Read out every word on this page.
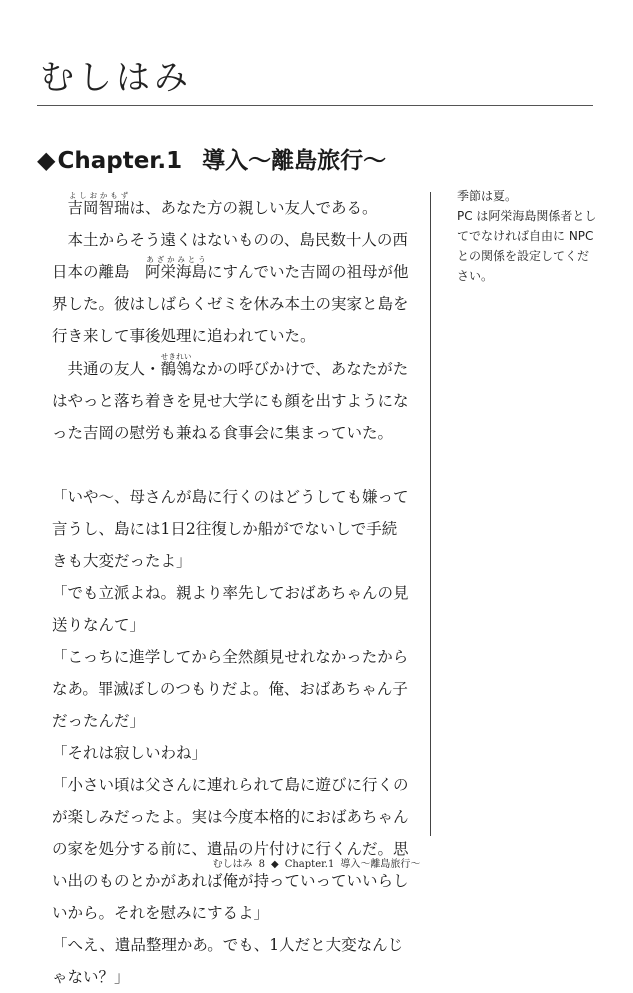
むしはみ
◆Chapter.1 導入～離島旅行～

吉岡智瑞よしおかもずは、あなた方の親しい友人である。

本土からそう遠くはないものの、島民数十人の西日本の離島　阿栄海島あざかみとうにすんでいた吉岡の祖母が他界した。彼はしばらくゼミを休み本土の実家と島を行き来して事後処理に追われていた。

共通の友人・鶺鴒せきれいなかの呼びかけで、あなたがたはやっと落ち着きを見せ大学にも顔を出すようになった吉岡の慰労も兼ねる食事会に集まっていた。

「いや～、母さんが島に行くのはどうしても嫌って言うし、島には1日2往復しか船がでないしで手続きも大変だったよ」

「でも立派よね。親より率先しておばあちゃんの見送りなんて」

「こっちに進学してから全然顔見せれなかったからなあ。罪滅ぼしのつもりだよ。俺、おばあちゃん子だったんだ」

「それは寂しいわね」

「小さい頃は父さんに連れられて島に遊びに行くのが楽しみだったよ。実は今度本格的におばあちゃんの家を処分する前に、遺品の片付けに行くんだ。思い出のものとかがあれば俺が持っていっていいらしいから。それを慰みにするよ」

「へえ、遺品整理かあ。でも、1人だと大変なんじゃない？」

季節は夏。

PC は阿栄海島関係者としてでなければ自由に NPC との関係を設定してください。

むしはみ 8 ◆ Chapter.1 導入～離島旅行～
